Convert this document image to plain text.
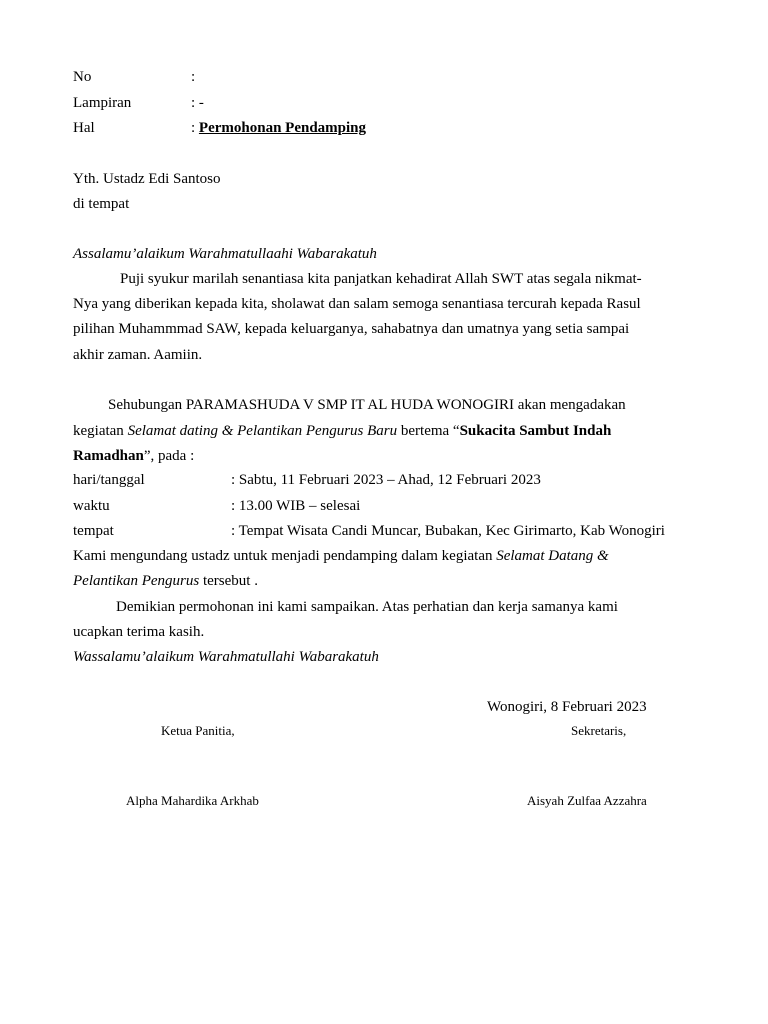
No	:
Lampiran	: -
Hal	: Permohonan Pendamping
Yth. Ustadz Edi Santoso
di tempat
Assalamu’alaikum Warahmatullaahi Wabarakatuh
Puji syukur marilah senantiasa kita panjatkan kehadirat Allah SWT atas segala nikmat-
Nya yang diberikan kepada kita, sholawat dan salam semoga senantiasa tercurah kepada Rasul
pilihan Muhammmad SAW, kepada keluarganya, sahabatnya dan umatnya yang setia sampai
akhir zaman. Aamiin.
Sehubungan PARAMASHUDA V SMP IT AL HUDA WONOGIRI akan mengadakan
kegiatan Selamat dating & Pelantikan Pengurus Baru bertema “Sukacita Sambut Indah
Ramadhan”, pada :
hari/tanggal	: Sabtu, 11 Februari 2023 – Ahad, 12 Februari 2023
waktu	: 13.00 WIB – selesai
tempat	: Tempat Wisata Candi Muncar, Bubakan, Kec Girimarto, Kab Wonogiri
Kami mengundang ustadz untuk menjadi pendamping dalam kegiatan Selamat Datang &
Pelantikan Pengurus tersebut .
Demikian permohonan ini kami sampaikan. Atas perhatian dan kerja samanya kami
ucapkan terima kasih.
Wassalamu’alaikum Warahmatullahi Wabarakatuh
Wonogiri, 8 Februari 2023
Ketua Panitia,	Sekretaris,
Alpha Mahardika Arkhab	Aisyah Zulfaa Azzahra
